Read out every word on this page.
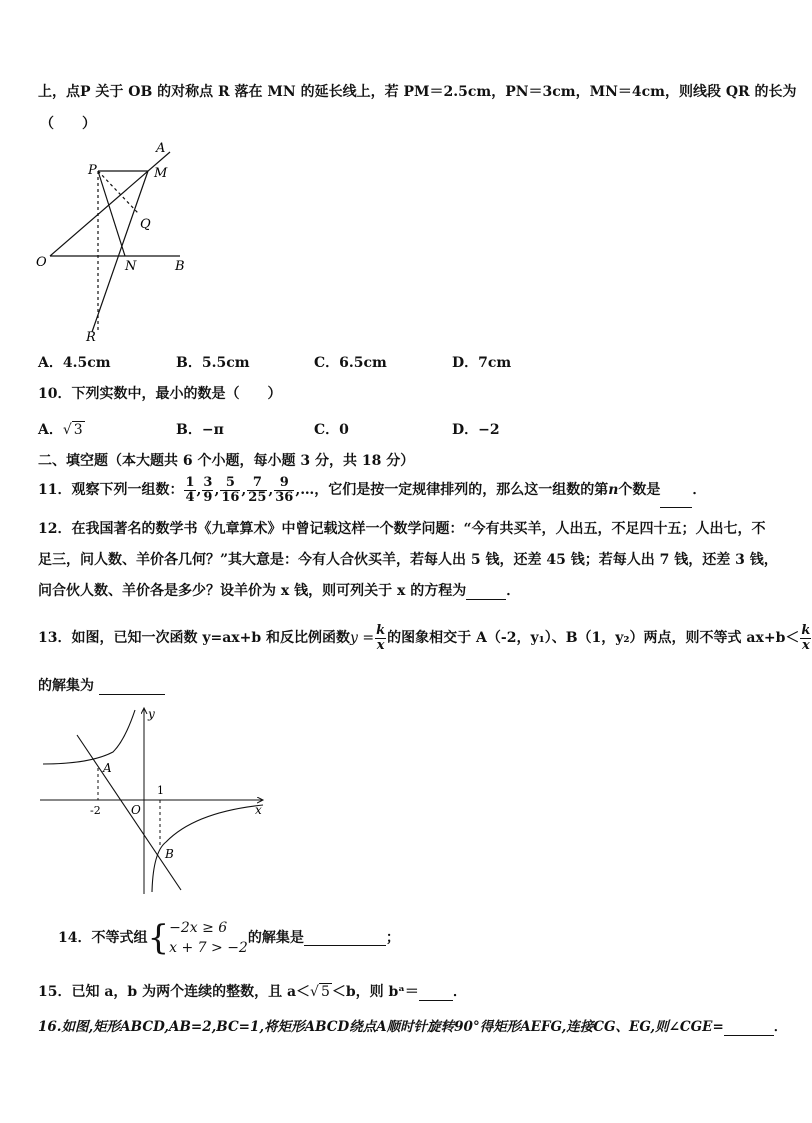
上，点P 关于 OB 的对称点 R 落在 MN 的延长线上，若 PM＝2.5cm，PN＝3cm，MN＝4cm，则线段 QR 的长为
（　　）
A
P	M
Q
O	N	B
R
A．4.5cm	B．5.5cm	C．6.5cm	D．7cm
10．下列实数中，最小的数是（　　）
A．√ 3	B．−π	C．0	D．−2
二、填空题（本大题共 6 个小题，每小题 3 分，共 18 分）
11．观察下列一组数： $\frac{1}{4}$ , $\frac{3}{9}$ , $\frac{5}{16}$ , $\frac{7}{25}$ , $\frac{9}{36}$ ,…，它们是按一定规律排列的，那么这一组数的第n个数是 ．
12．在我国著名的数学书《九章算术》中曾记载这样一个数学问题：“今有共买羊，人出五，不足四十五；人出七，不
足三，问人数、羊价各几何？”其大意是：今有人合伙买羊，若每人出 5 钱，还差 45 钱；若每人出 7 钱，还差 3 钱，
问合伙人数、羊价各是多少？设羊价为 x 钱，则可列关于 x 的方程为	．
13．如图，已知一次函数 y=ax+b 和反比例函数$y = \frac{k}{x}$ 的图象相交于 A（-2，y₁）、B（1，y₂）两点，则不等式 $ax+b< \frac{k}{x}$
的解集为
y
x
O
-2
1
A
B
14．不等式组{ −2x ≥ 6
x + 7 > −2
的解集是	；
15．已知 a，b 为两个连续的整数，且 a＜√ 5 ＜b，则 bᵃ＝ ．
16.如图,矩形ABCD,AB=2,BC=1,将矩形ABCD绕点A顺时针旋转90°得矩形AEFG,连接CG、EG,则∠CGE=	．
